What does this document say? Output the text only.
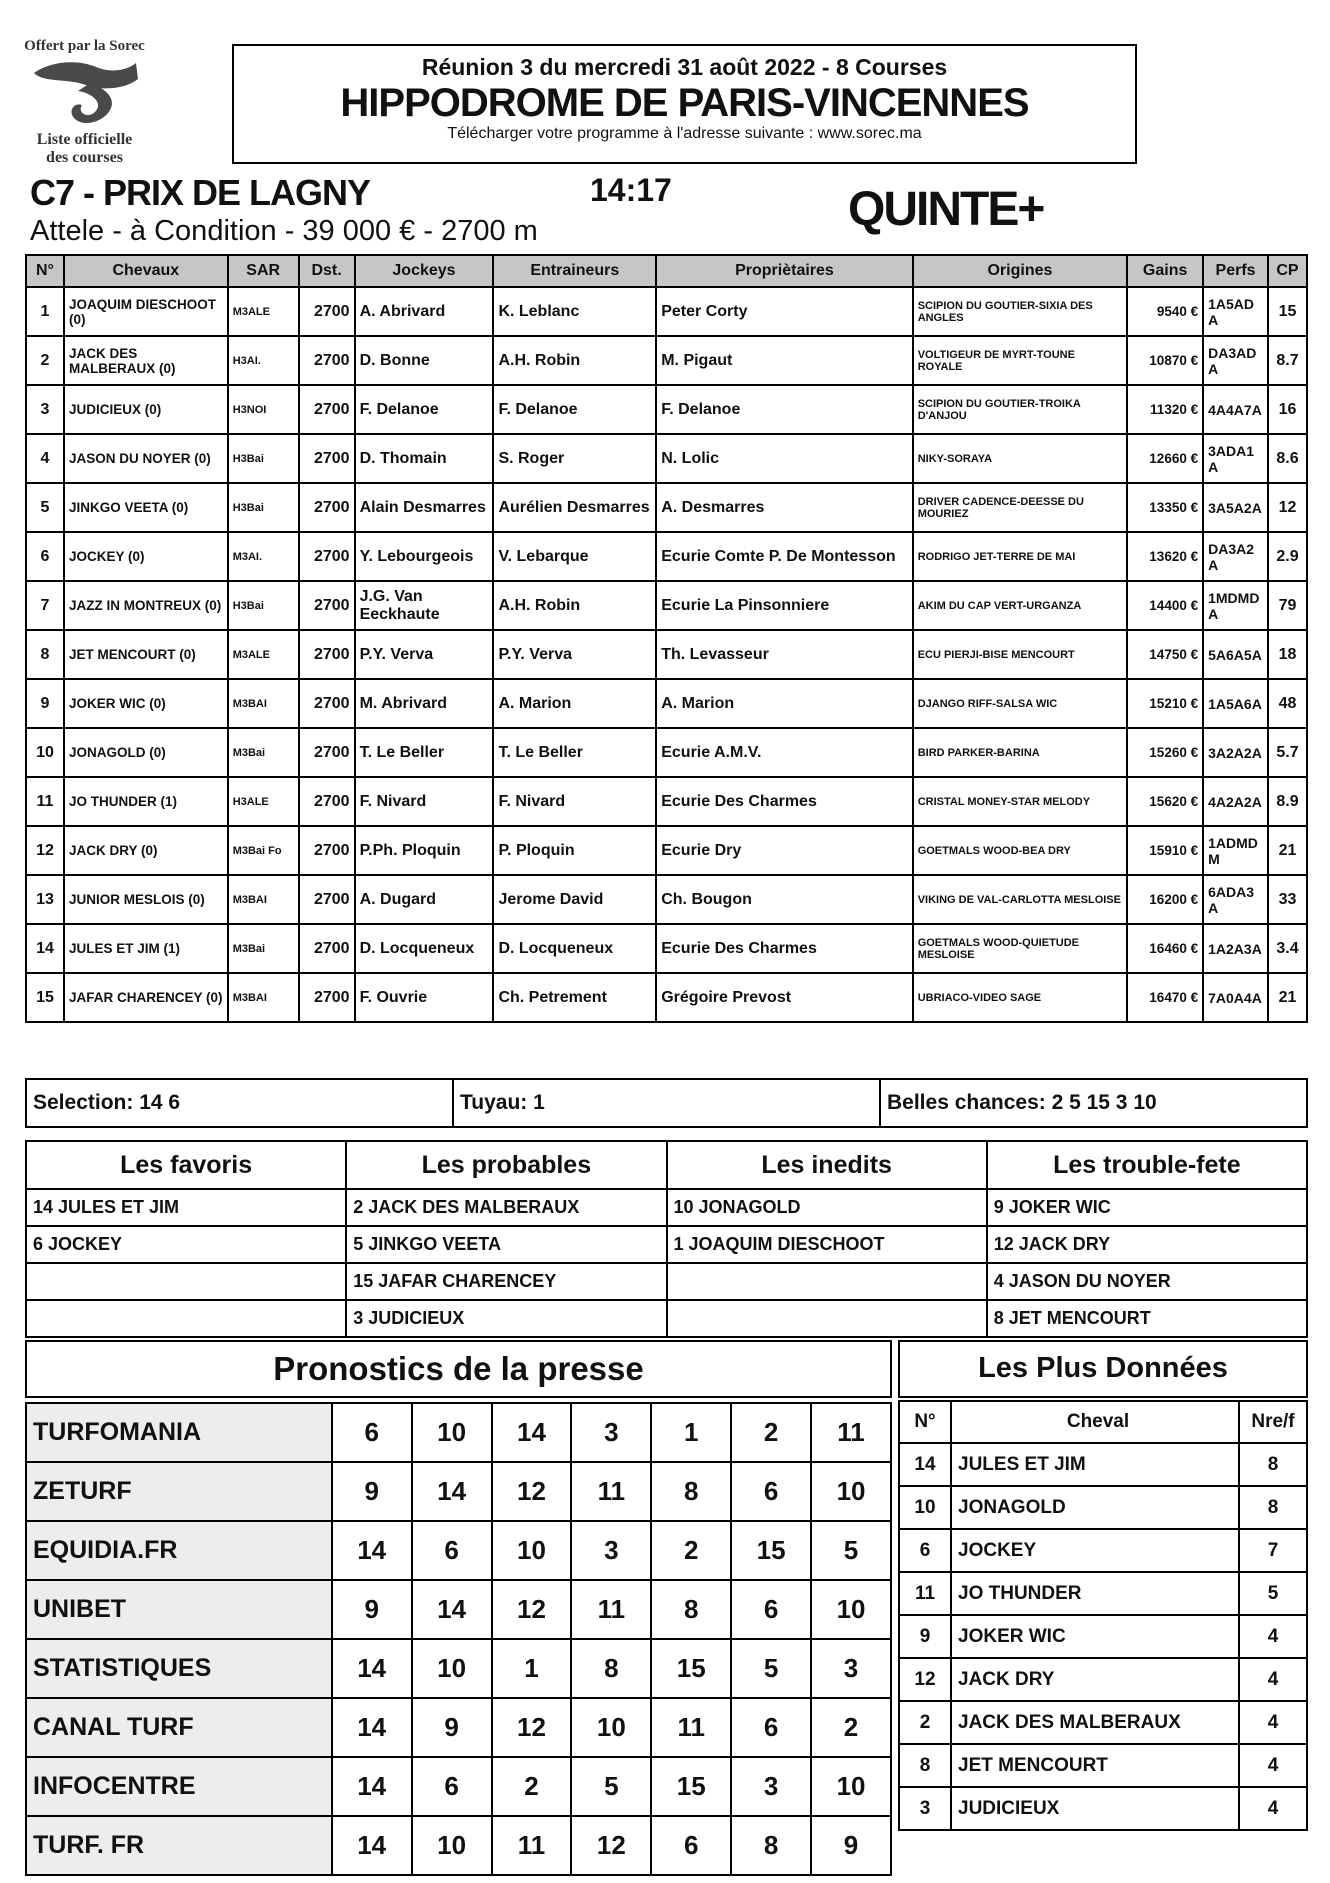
Offert par la Sorec
Liste officielle
des courses
Réunion 3 du mercredi 31 août 2022 - 8 Courses
HIPPODROME DE PARIS-VINCENNES
Télécharger votre programme à l'adresse suivante : www.sorec.ma
C7 - PRIX DE LAGNY	14:17	QUINTE+
Attele - à Condition - 39 000 € - 2700 m
N°	Chevaux	SAR	Dst.	Jockeys	Entraineurs	Propriètaires	Origines	Gains	Perfs	CP
1	JOAQUIM DIESCHOOT (0)	M3ALE	2700	A. Abrivard	K. Leblanc	Peter Corty	SCIPION DU GOUTIER-SIXIA DES ANGLES	9540 €	1A5ADA	15
2	JACK DES MALBERAUX (0)	H3AI.	2700	D. Bonne	A.H. Robin	M. Pigaut	VOLTIGEUR DE MYRT-TOUNE ROYALE	10870 €	DA3ADA	8.7
3	JUDICIEUX (0)	H3NOI	2700	F. Delanoe	F. Delanoe	F. Delanoe	SCIPION DU GOUTIER-TROIKA D'ANJOU	11320 €	4A4A7A	16
4	JASON DU NOYER (0)	H3Bai	2700	D. Thomain	S. Roger	N. Lolic	NIKY-SORAYA	12660 €	3ADA1A	8.6
5	JINKGO VEETA (0)	H3Bai	2700	Alain Desmarres	Aurélien Desmarres	A. Desmarres	DRIVER CADENCE-DEESSE DU MOURIEZ	13350 €	3A5A2A	12
6	JOCKEY (0)	M3AI.	2700	Y. Lebourgeois	V. Lebarque	Ecurie Comte P. De Montesson	RODRIGO JET-TERRE DE MAI	13620 €	DA3A2A	2.9
7	JAZZ IN MONTREUX (0)	H3Bai	2700	J.G. Van Eeckhaute	A.H. Robin	Ecurie La Pinsonniere	AKIM DU CAP VERT-URGANZA	14400 €	1MDMDA	79
8	JET MENCOURT (0)	M3ALE	2700	P.Y. Verva	P.Y. Verva	Th. Levasseur	ECU PIERJI-BISE MENCOURT	14750 €	5A6A5A	18
9	JOKER WIC (0)	M3BAI	2700	M. Abrivard	A. Marion	A. Marion	DJANGO RIFF-SALSA WIC	15210 €	1A5A6A	48
10	JONAGOLD (0)	M3Bai	2700	T. Le Beller	T. Le Beller	Ecurie A.M.V.	BIRD PARKER-BARINA	15260 €	3A2A2A	5.7
11	JO THUNDER (1)	H3ALE	2700	F. Nivard	F. Nivard	Ecurie Des Charmes	CRISTAL MONEY-STAR MELODY	15620 €	4A2A2A	8.9
12	JACK DRY (0)	M3Bai Fo	2700	P.Ph. Ploquin	P. Ploquin	Ecurie Dry	GOETMALS WOOD-BEA DRY	15910 €	1ADMDM	21
13	JUNIOR MESLOIS (0)	M3BAI	2700	A. Dugard	Jerome David	Ch. Bougon	VIKING DE VAL-CARLOTTA MESLOISE	16200 €	6ADA3A	33
14	JULES ET JIM (1)	M3Bai	2700	D. Locqueneux	D. Locqueneux	Ecurie Des Charmes	GOETMALS WOOD-QUIETUDE MESLOISE	16460 €	1A2A3A	3.4
15	JAFAR CHARENCEY (0)	M3BAI	2700	F. Ouvrie	Ch. Petrement	Grégoire Prevost	UBRIACO-VIDEO SAGE	16470 €	7A0A4A	21
Selection: 14 6	Tuyau: 1	Belles chances: 2 5 15 3 10
Les favoris	Les probables	Les inedits	Les trouble-fete
14 JULES ET JIM	2 JACK DES MALBERAUX	10 JONAGOLD	9 JOKER WIC
6 JOCKEY	5 JINKGO VEETA	1 JOAQUIM DIESCHOOT	12 JACK DRY
	15 JAFAR CHARENCEY		4 JASON DU NOYER
	3 JUDICIEUX		8 JET MENCOURT
Pronostics de la presse
TURFOMANIA	6	10	14	3	1	2	11
ZETURF	9	14	12	11	8	6	10
EQUIDIA.FR	14	6	10	3	2	15	5
UNIBET	9	14	12	11	8	6	10
STATISTIQUES	14	10	1	8	15	5	3
CANAL TURF	14	9	12	10	11	6	2
INFOCENTRE	14	6	2	5	15	3	10
TURF. FR	14	10	11	12	6	8	9
Les Plus Données
N°	Cheval	Nre/f
14	JULES ET JIM	8
10	JONAGOLD	8
6	JOCKEY	7
11	JO THUNDER	5
9	JOKER WIC	4
12	JACK DRY	4
2	JACK DES MALBERAUX	4
8	JET MENCOURT	4
3	JUDICIEUX	4
